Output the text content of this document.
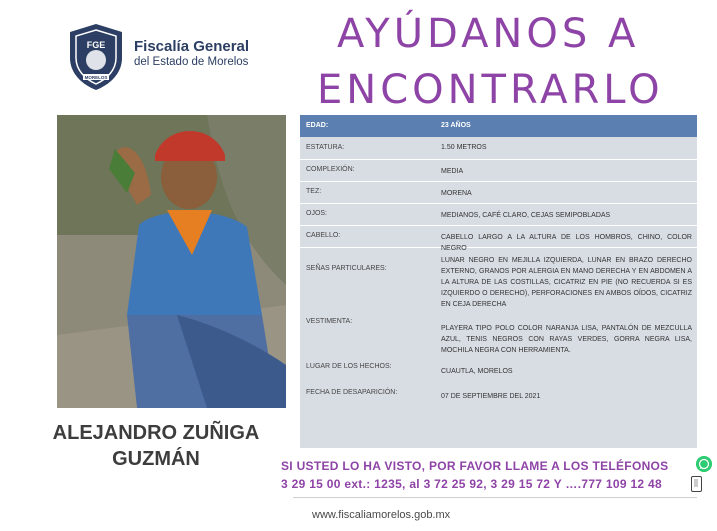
FGE
MORELOS
Fiscalía General
del Estado de Morelos
AYÚDANOS A
ENCONTRARLO
ALEJANDRO ZUÑIGA
GUZMÁN
EDAD:	23 AÑOS
ESTATURA:	1.50 METROS
COMPLEXIÓN:	MEDIA
TEZ:	MORENA
OJOS:	MEDIANOS, CAFÉ CLARO, CEJAS SEMIPOBLADAS
CABELLO:	CABELLO LARGO A LA ALTURA DE LOS HOMBROS, CHINO, COLOR NEGRO
SEÑAS PARTICULARES:
LUNAR NEGRO EN MEJILLA IZQUIERDA, LUNAR EN BRAZO DERECHO EXTERNO, GRANOS POR ALERGIA EN MANO DERECHA Y EN ABDOMEN A LA ALTURA DE LAS COSTILLAS, CICATRIZ EN PIE (NO RECUERDA SI ES IZQUIERDO O DERECHO), PERFORACIONES EN AMBOS OÍDOS, CICATRIZ EN CEJA DERECHA
VESTIMENTA:
PLAYERA TIPO POLO COLOR NARANJA LISA, PANTALÓN DE MEZCULLA AZUL, TENIS NEGROS CON RAYAS VERDES, GORRA NEGRA LISA, MOCHILA NEGRA CON HERRAMIENTA.
LUGAR DE LOS HECHOS:
CUAUTLA, MORELOS
FECHA DE DESAPARICIÓN:
07 DE SEPTIEMBRE DEL 2021
SI USTED LO HA VISTO, POR FAVOR LLAME A LOS TELÉFONOS
3 29 15 00 ext.: 1235, al 3 72 25 92, 3 29 15 72 Y ….777 109 12 48
www.fiscaliamorelos.gob.mx
